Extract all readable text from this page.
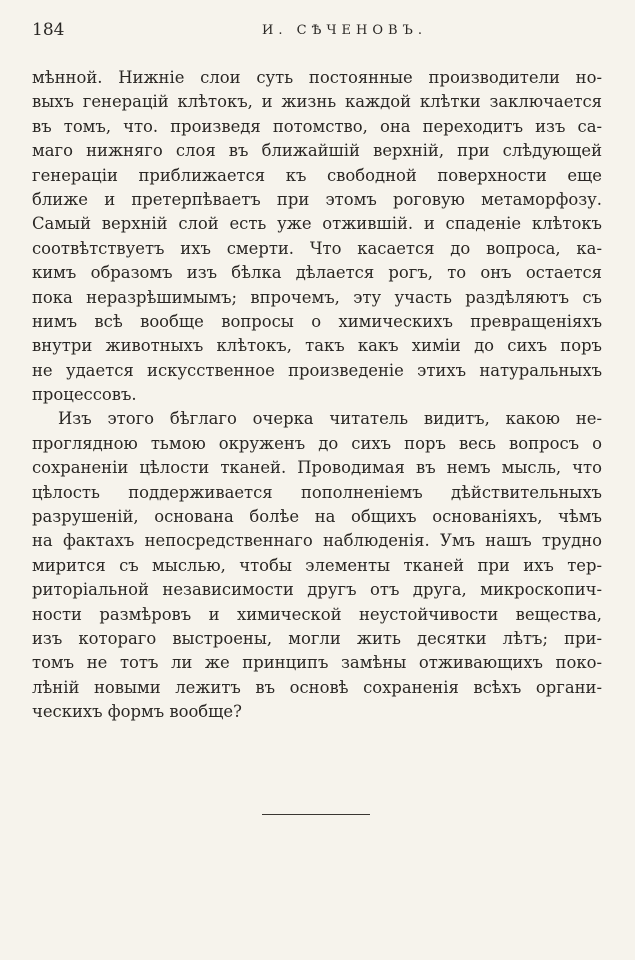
184	И. СѢЧЕНОВЪ.
мѣнной. Нижніе слои суть постоянные производители но-
выхъ генерацій клѣтокъ, и жизнь каждой клѣтки заключается
въ томъ, что. произведя потомство, она переходитъ изъ са-
маго нижняго слоя въ ближайшій верхній, при слѣдующей
генераціи приближается къ свободной поверхности еще
ближе и претерпѣваетъ при этомъ роговую метаморфозу.
Самый верхній слой есть уже отжившій. и спаденіе клѣтокъ
соотвѣтствуетъ ихъ смерти. Что касается до вопроса, ка-
кимъ образомъ изъ бѣлка дѣлается рогъ, то онъ остается
пока неразрѣшимымъ; впрочемъ, эту участь раздѣляютъ съ
нимъ всѣ вообще вопросы о химическихъ превращеніяхъ
внутри животныхъ клѣтокъ, такъ какъ химіи до сихъ поръ
не удается искусственное произведеніе этихъ натуральныхъ
процессовъ.
Изъ этого бѣглаго очерка читатель видитъ, какою не-
проглядною тьмою окруженъ до сихъ поръ весь вопросъ о
сохраненіи цѣлости тканей. Проводимая въ немъ мысль, что
цѣлость поддерживается пополненіемъ дѣйствительныхъ
разрушеній, основана болѣе на общихъ основаніяхъ, чѣмъ
на фактахъ непосредственнаго наблюденія. Умъ нашъ трудно
мирится съ мыслью, чтобы элементы тканей при ихъ тер-
риторіальной независимости другъ отъ друга, микроскопич-
ности размѣровъ и химической неустойчивости вещества,
изъ котораго выстроены, могли жить десятки лѣтъ; при-
томъ не тотъ ли же принципъ замѣны отживающихъ поко-
лѣній новыми лежитъ въ основѣ сохраненія всѣхъ органи-
ческихъ формъ вообще?
